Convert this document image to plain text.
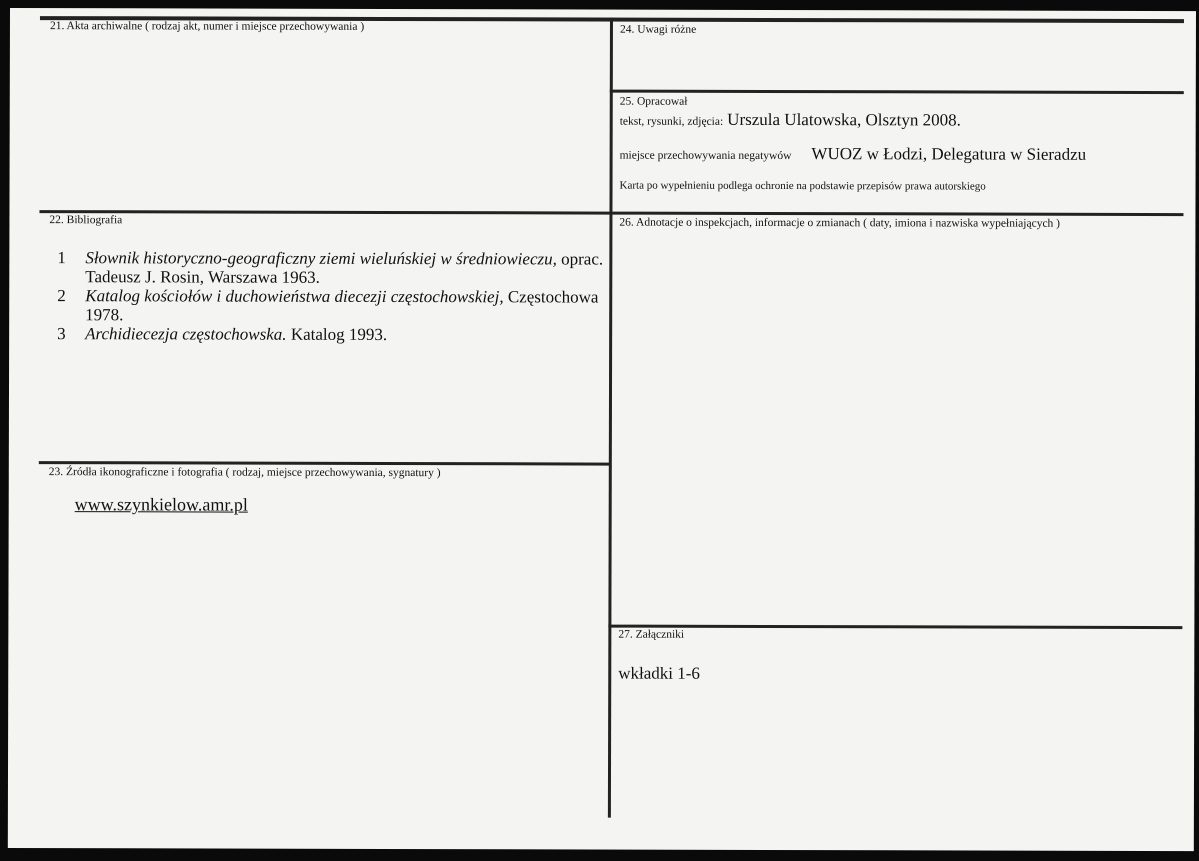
21. Akta archiwalne ( rodzaj akt, numer i miejsce przechowywania )	24. Uwagi różne
25. Opracował
tekst, rysunki, zdjęcia: Urszula Ulatowska, Olsztyn 2008.
miejsce przechowywania negatywów WUOZ w Łodzi, Delegatura w Sieradzu
Karta po wypełnieniu podlega ochronie na podstawie przepisów prawa autorskiego
22. Bibliografia
1	Słownik historyczno-geograficzny ziemi wieluńskiej w średniowieczu, oprac. Tadeusz J. Rosin, Warszawa 1963.
2	Katalog kościołów i duchowieństwa diecezji częstochowskiej, Częstochowa 1978.
3	Archidiecezja częstochowska. Katalog 1993.
26. Adnotacje o inspekcjach, informacje o zmianach ( daty, imiona i nazwiska wypełniających )
23. Źródła ikonograficzne i fotografia ( rodzaj, miejsce przechowywania, sygnatury )
www.szynkielow.amr.pl
27. Załączniki
wkładki 1-6
